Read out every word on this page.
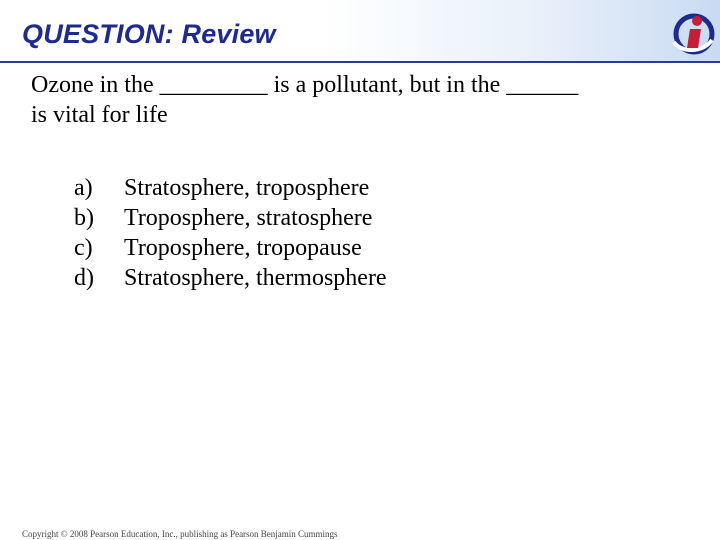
QUESTION: Review
Ozone in the _________ is a pollutant, but in the ______
is vital for life
a)	Stratosphere, troposphere
b)	Troposphere, stratosphere
c)	Troposphere, tropopause
d)	Stratosphere, thermosphere
Copyright © 2008 Pearson Education, Inc., publishing as Pearson Benjamin Cummings
